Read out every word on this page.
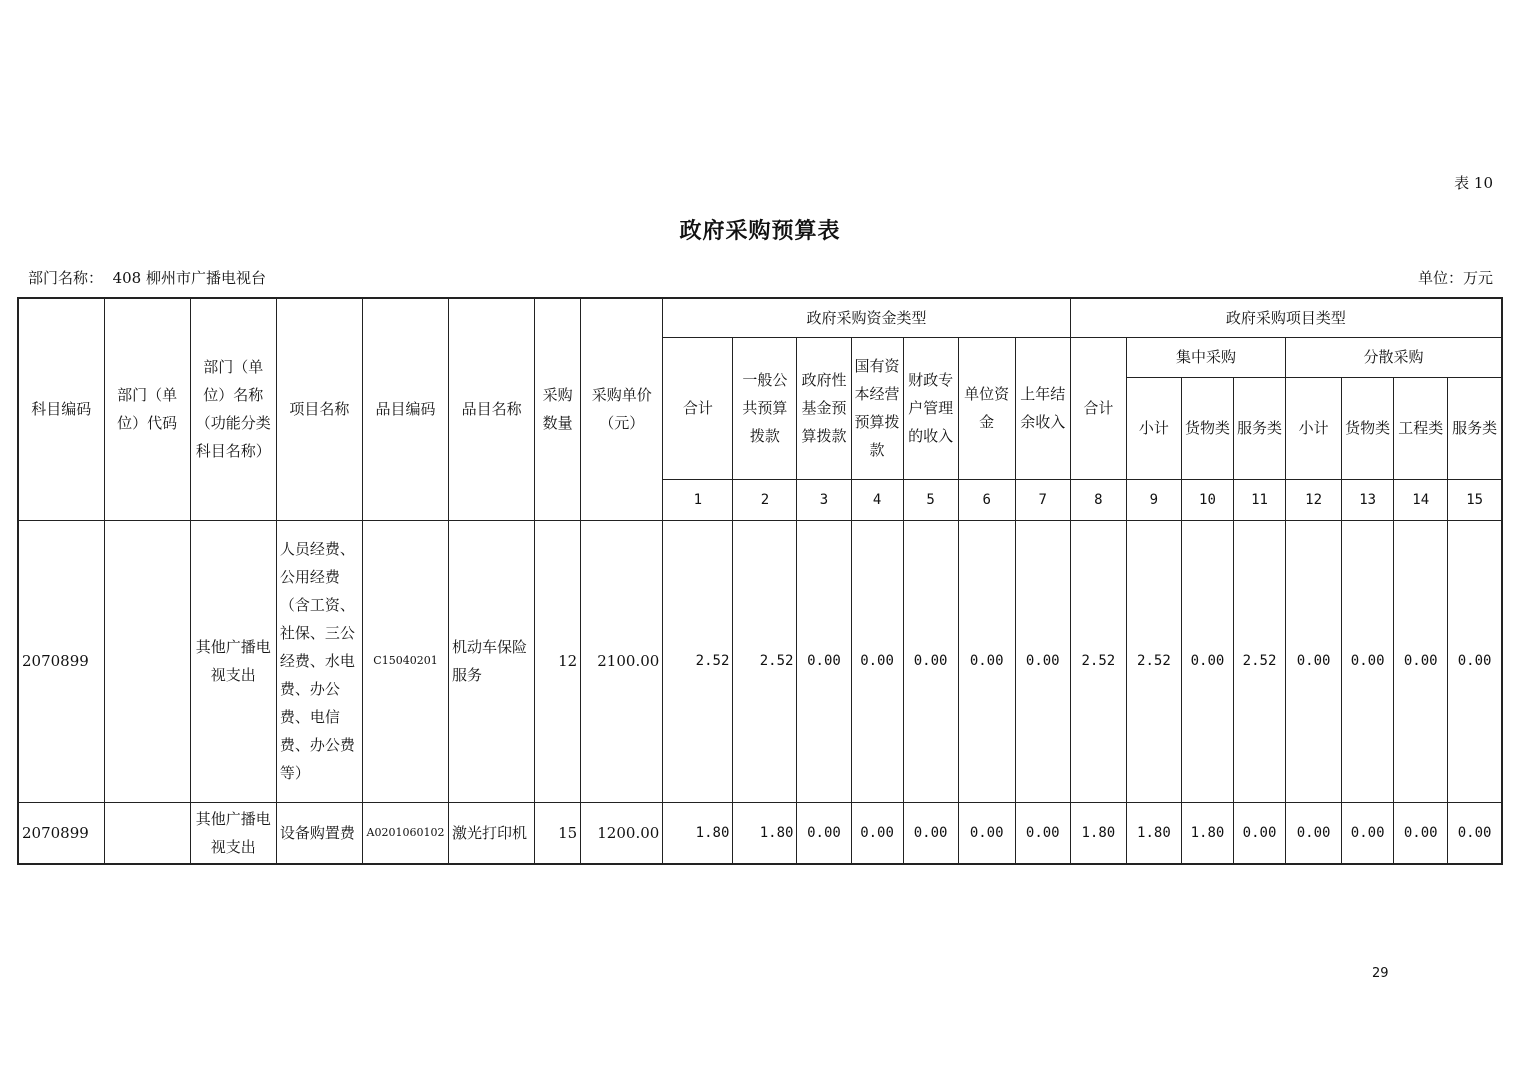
表 10
政府采购预算表
部门名称： 408 柳州市广播电视台	单位：万元
科目编码	部门（单位）代码	部门（单位）名称（功能分类科目名称）	项目名称	品目编码	品目名称	采购数量	采购单价（元）	政府采购资金类型							政府采购项目类型							
								合计	一般公共预算拨款	政府性基金预算拨款	国有资本经营预算拨款	财政专户管理的收入	单位资金	上年结余收入	合计	集中采购			分散采购			
																小计	货物类	服务类	小计	货物类	工程类	服务类
								1	2	3	4	5	6	7	8	9	10	11	12	13	14	15
2070899		其他广播电视支出	人员经费、公用经费（含工资、社保、三公经费、水电费、办公费、电信费、办公费等）	C15040201	机动车保险服务	12	2100.00	2.52	2.52	0.00	0.00	0.00	0.00	0.00	2.52	2.52	0.00	2.52	0.00	0.00	0.00	0.00
2070899		其他广播电视支出	设备购置费	A0201060102	激光打印机	15	1200.00	1.80	1.80	0.00	0.00	0.00	0.00	0.00	1.80	1.80	1.80	0.00	0.00	0.00	0.00	0.00
29
